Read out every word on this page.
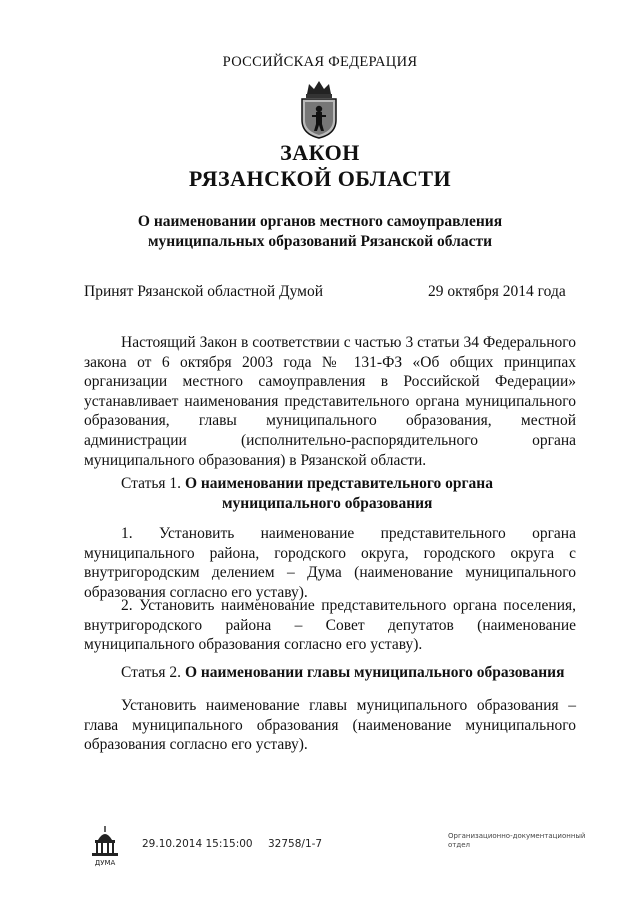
РОССИЙСКАЯ ФЕДЕРАЦИЯ
ЗАКОН
РЯЗАНСКОЙ ОБЛАСТИ
О наименовании органов местного самоуправления
муниципальных образований Рязанской области
Принят Рязанской областной Думой	29 октября 2014 года
Настоящий Закон в соответствии с частью 3 статьи 34 Федерального закона от 6 октября 2003 года № 131-ФЗ «Об общих принципах организации местного самоуправления в Российской Федерации» устанавливает наименования представительного органа муниципального образования, главы муниципального образования, местной администрации (исполнительно-распорядительного органа муниципального образования) в Рязанской области.
Статья 1. О наименовании представительного органа
муниципального образования
1. Установить наименование представительного органа муниципального района, городского округа, городского округа с внутригородским делением – Дума (наименование муниципального образования согласно его уставу).
2. Установить наименование представительного органа поселения, внутригородского района – Совет депутатов (наименование муниципального образования согласно его уставу).
Статья 2. О наименовании главы муниципального образования
Установить наименование главы муниципального образования – глава муниципального образования (наименование муниципального образования согласно его уставу).
ДУМА
29.10.2014 15:15:00 32758/1-7
Организационно-документационный отдел
